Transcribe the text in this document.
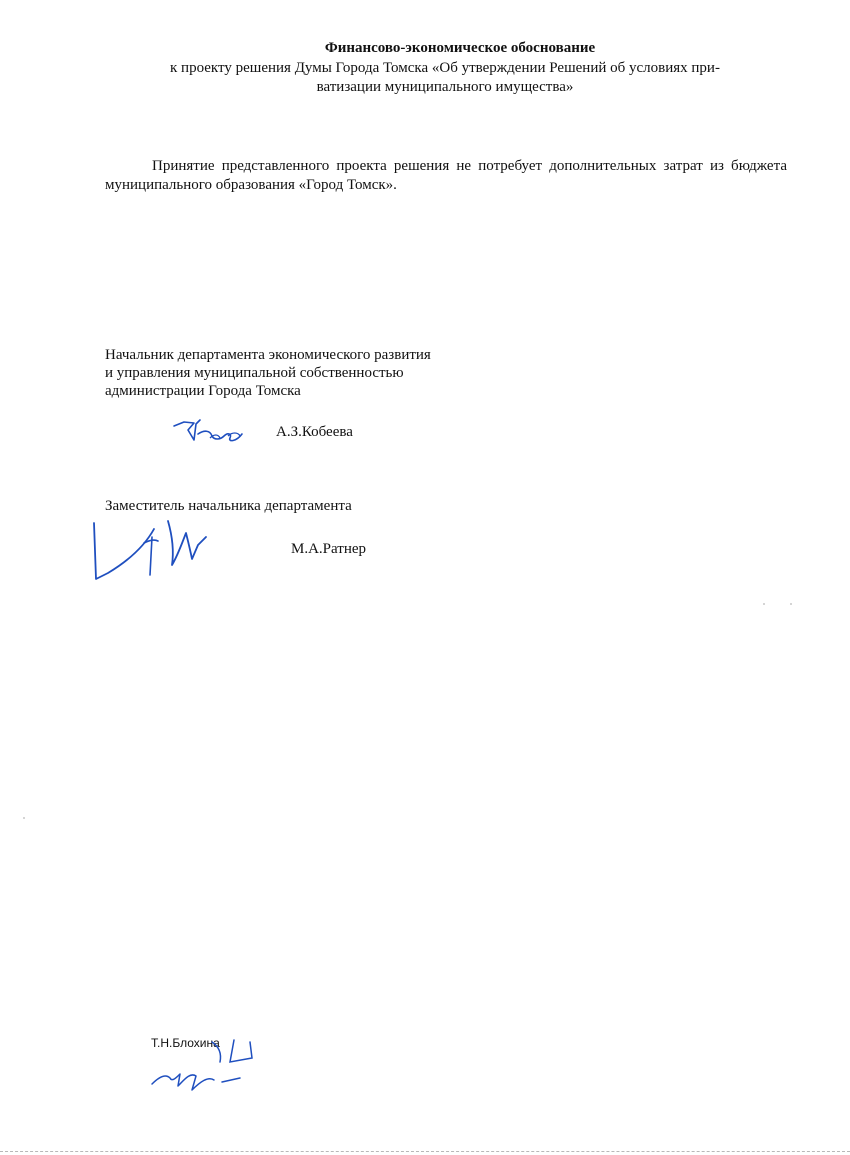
Финансово-экономическое обоснование
к проекту решения Думы Города Томска «Об утверждении Решений об условиях при-
ватизации муниципального имущества»
Принятие представленного проекта решения не потребует дополнительных затрат из бюджета муниципального образования «Город Томск».
Начальник департамента экономического развития
и управления муниципальной собственностью
администрации Города Томска
А.З.Кобеева
Заместитель начальника департамента
М.А.Ратнер
Т.Н.Блохина
